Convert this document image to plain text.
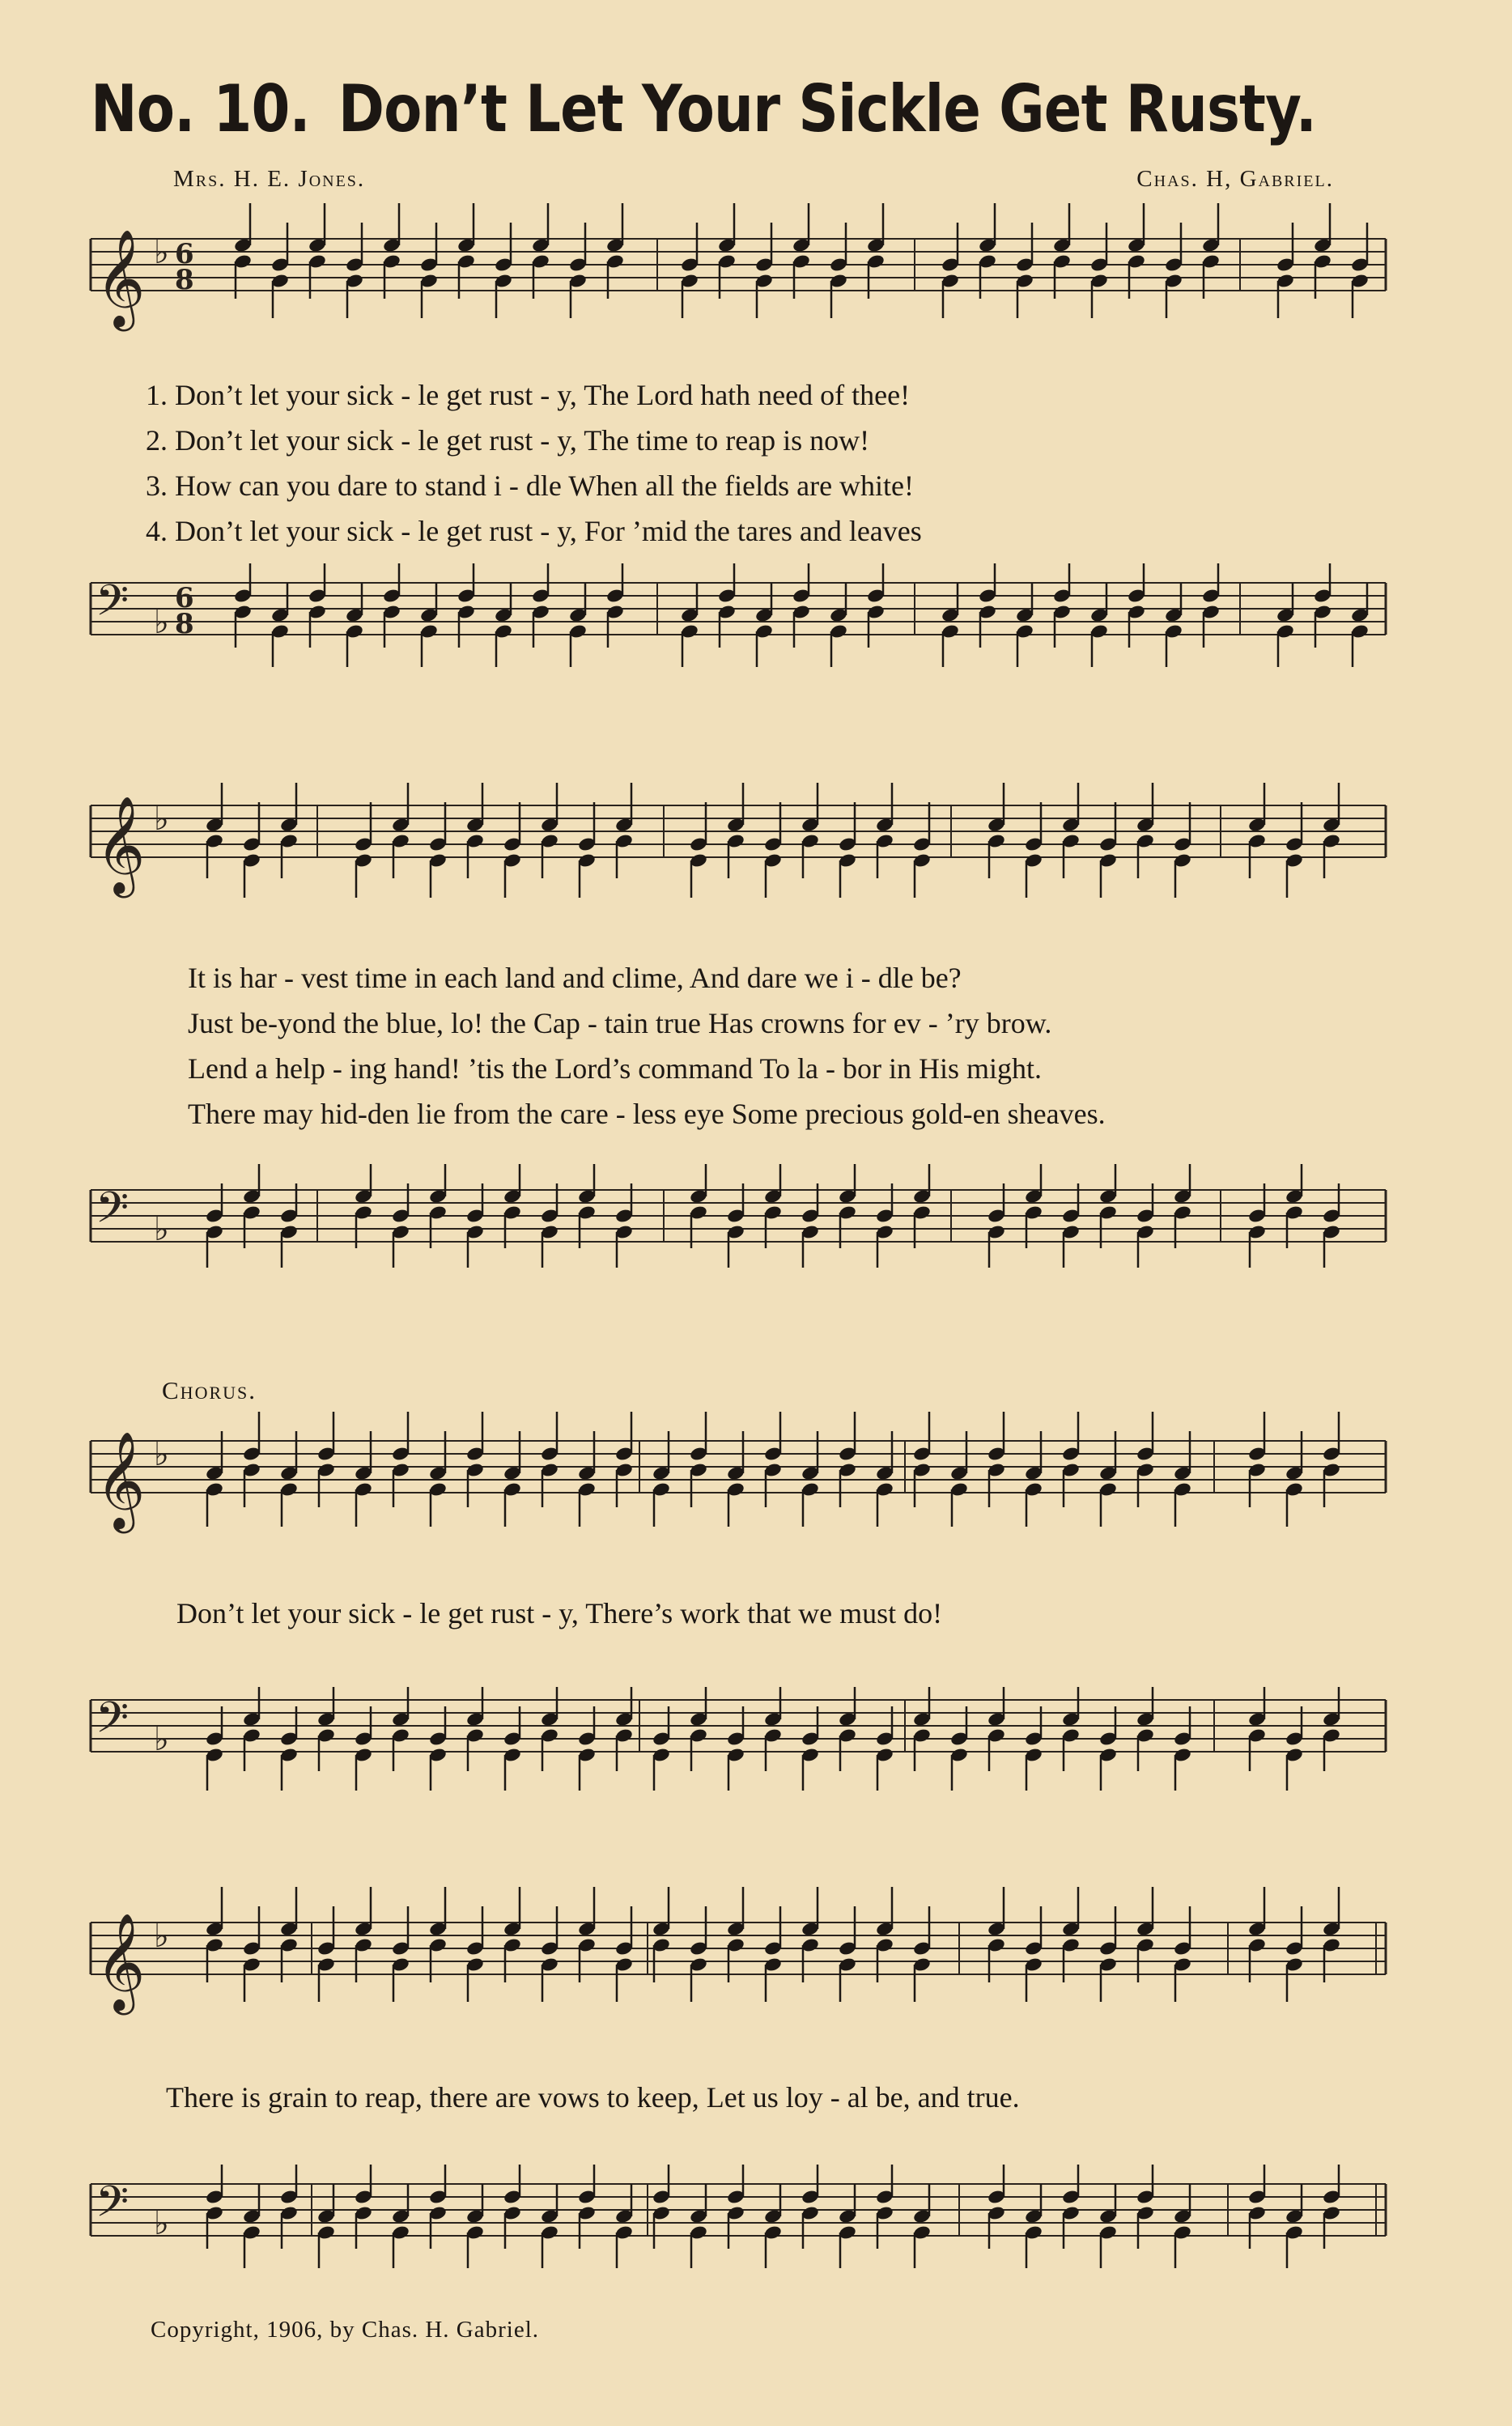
No. 10. Don’t Let Your Sickle Get Rusty.
Mrs. H. E. Jones.	Chas. H, Gabriel.
𝄞 ♭ 6
8
1. Don’t let your sick - le get rust - y, The Lord hath need of thee!
2. Don’t let your sick - le get rust - y, The time to reap is now!
3. How can you dare to stand i - dle When all the fields are white!
4. Don’t let your sick - le get rust - y, For ’mid the tares and leaves
𝄢 ♭
6
8
𝄞 ♭
It is har - vest time in each land and clime, And dare we i - dle be?
Just be-yond the blue, lo! the Cap - tain true Has crowns for ev - ’ry brow.
Lend a help - ing hand! ’tis the Lord’s command To la - bor in His might.
There may hid-den lie from the care - less eye Some precious gold-en sheaves.
𝄢 ♭
Chorus.
𝄞 ♭
Don’t let your sick - le get rust - y, There’s work that we must do!
𝄢 ♭
𝄞 ♭
There is grain to reap, there are vows to keep, Let us loy - al be, and true.
𝄢 ♭
Copyright, 1906, by Chas. H. Gabriel.
